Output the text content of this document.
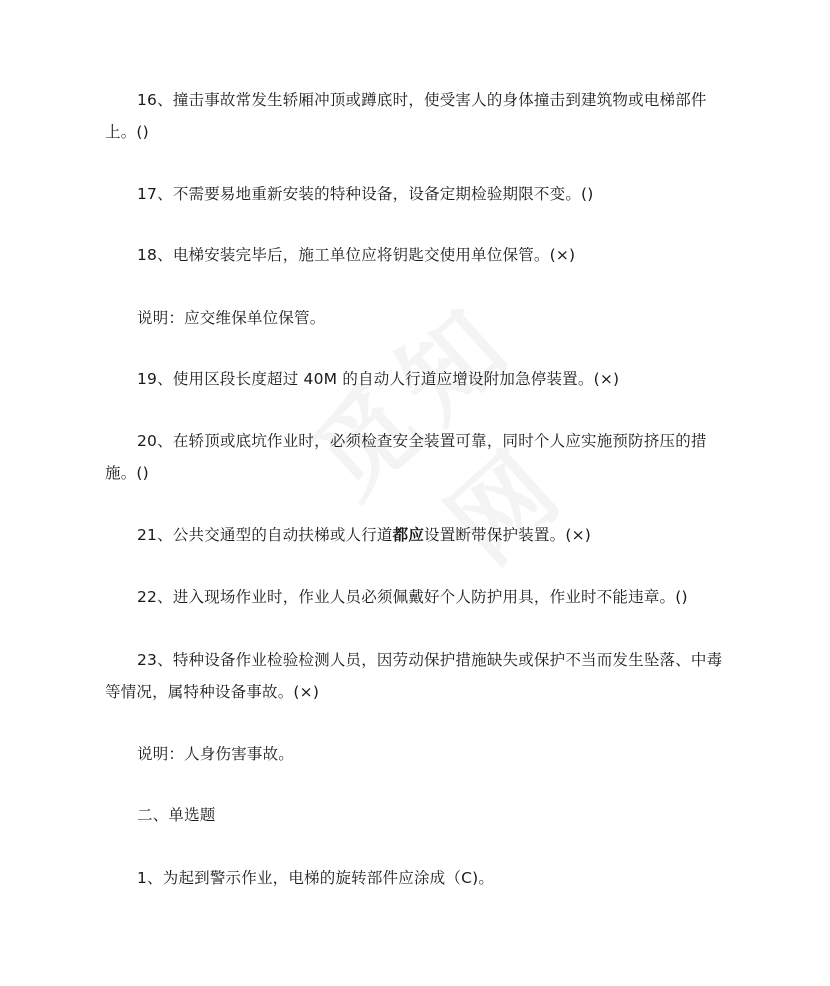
16、撞击事故常发生轿厢冲顶或蹲底时，使受害人的身体撞击到建筑物或电梯部件上。()
17、不需要易地重新安装的特种设备，设备定期检验期限不变。()
18、电梯安装完毕后，施工单位应将钥匙交使用单位保管。(×)
说明：应交维保单位保管。
19、使用区段长度超过 40M 的自动人行道应增设附加急停装置。(×)
20、在轿顶或底坑作业时，必须检查安全装置可靠，同时个人应实施预防挤压的措施。()
21、公共交通型的自动扶梯或人行道都应设置断带保护装置。(×)
22、进入现场作业时，作业人员必须佩戴好个人防护用具，作业时不能违章。()
23、特种设备作业检验检测人员，因劳动保护措施缺失或保护不当而发生坠落、中毒等情况，属特种设备事故。(×)
说明：人身伤害事故。
二、单选题
1、为起到警示作业，电梯的旋转部件应涂成（C)。
